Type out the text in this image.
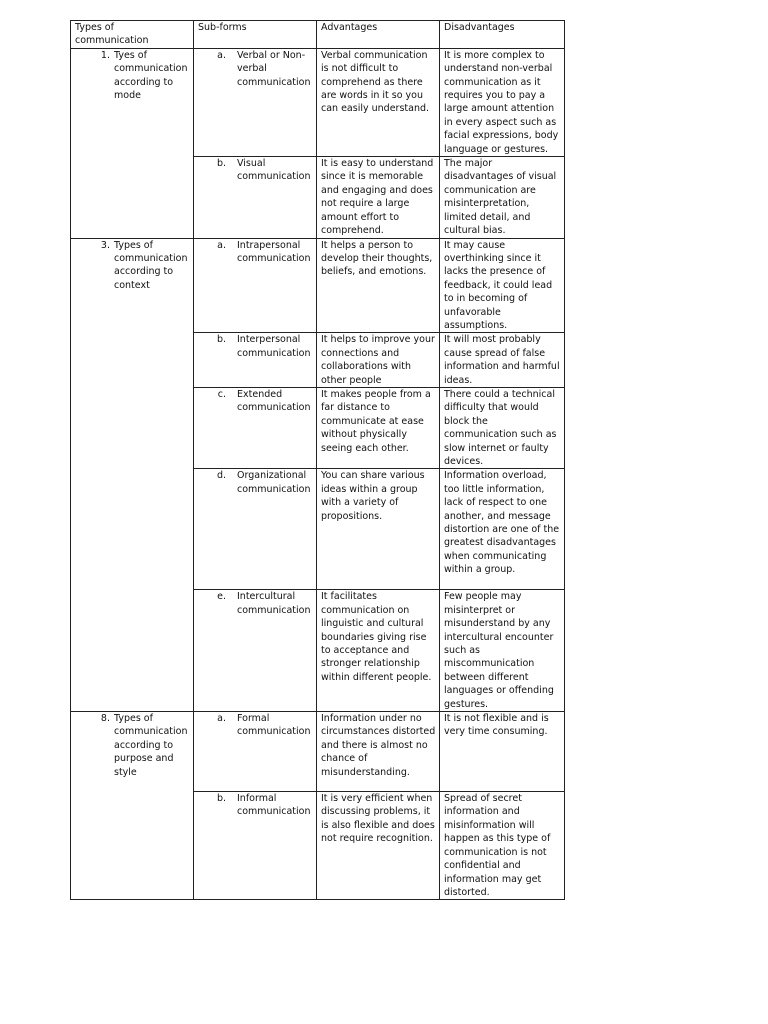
Types of communication	Sub-forms	Advantages	Disadvantages

1. Tyes of communication according to mode	a. Verbal or Non-verbal communication	Verbal communication is not difficult to comprehend as there are words in it so you can easily understand.	It is more complex to understand non-verbal communication as it requires you to pay a large amount attention in every aspect such as facial expressions, body language or gestures.

	b. Visual communication	It is easy to understand since it is memorable and engaging and does not require a large amount effort to comprehend.	The major disadvantages of visual communication are misinterpretation, limited detail, and cultural bias.

3. Types of communication according to context	a. Intrapersonal communication	It helps a person to develop their thoughts, beliefs, and emotions.	It may cause overthinking since it lacks the presence of feedback, it could lead to in becoming of unfavorable assumptions.

	b. Interpersonal communication	It helps to improve your connections and collaborations with other people	It will most probably cause spread of false information and harmful ideas.

	c. Extended communication	It makes people from a far distance to communicate at ease without physically seeing each other.	There could a technical difficulty that would block the communication such as slow internet or faulty devices.

	d. Organizational communication	You can share various ideas within a group with a variety of propositions.	Information overload, too little information, lack of respect to one another, and message distortion are one of the greatest disadvantages when communicating within a group.

	e. Intercultural communication	It facilitates communication on linguistic and cultural boundaries giving rise to acceptance and stronger relationship within different people.	Few people may misinterpret or misunderstand by any intercultural encounter such as miscommunication between different languages or offending gestures.

8. Types of communication according to purpose and style	a. Formal communication	Information under no circumstances distorted and there is almost no chance of misunderstanding.	It is not flexible and is very time consuming.

	b. Informal communication	It is very efficient when discussing problems, it is also flexible and does not require recognition.	Spread of secret information and misinformation will happen as this type of communication is not confidential and information may get distorted.
